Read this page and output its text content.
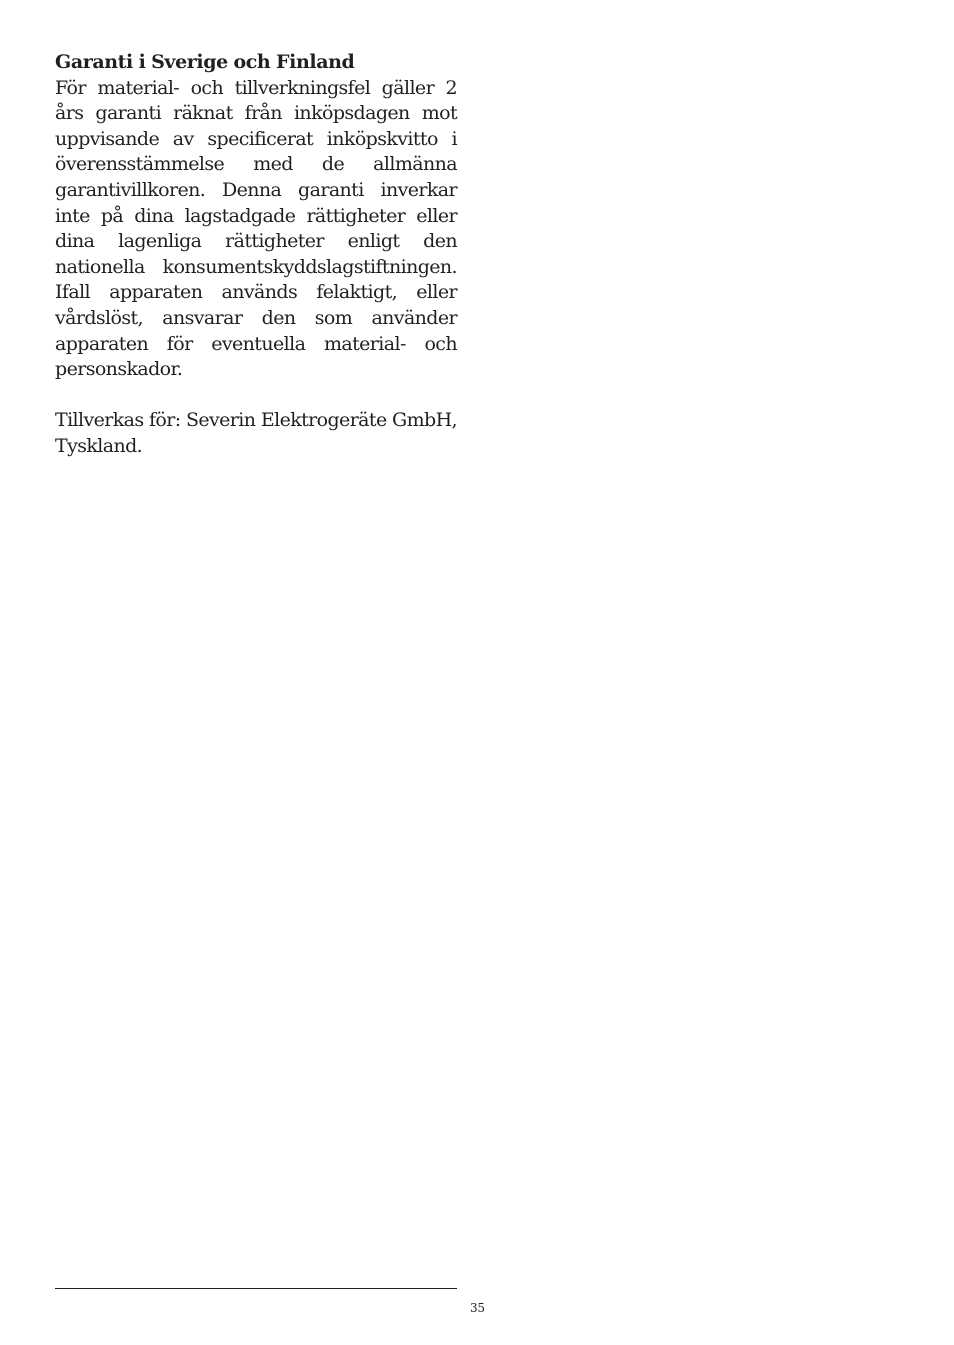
Garanti i Sverige och Finland

För material- och tillverkningsfel gäller 2 års garanti räknat från inköpsdagen mot uppvisande av specificerat inköpskvitto i överensstämmelse med de allmänna garantivillkoren. Denna garanti inverkar inte på dina lagstadgade rättigheter eller dina lagenliga rättigheter enligt den nationella konsumentskyddslagstiftningen. Ifall apparaten används felaktigt, eller vårdslöst, ansvarar den som använder apparaten för eventuella material- och personskador.

Tillverkas för: Severin Elektrogeräte GmbH, Tyskland.

35
